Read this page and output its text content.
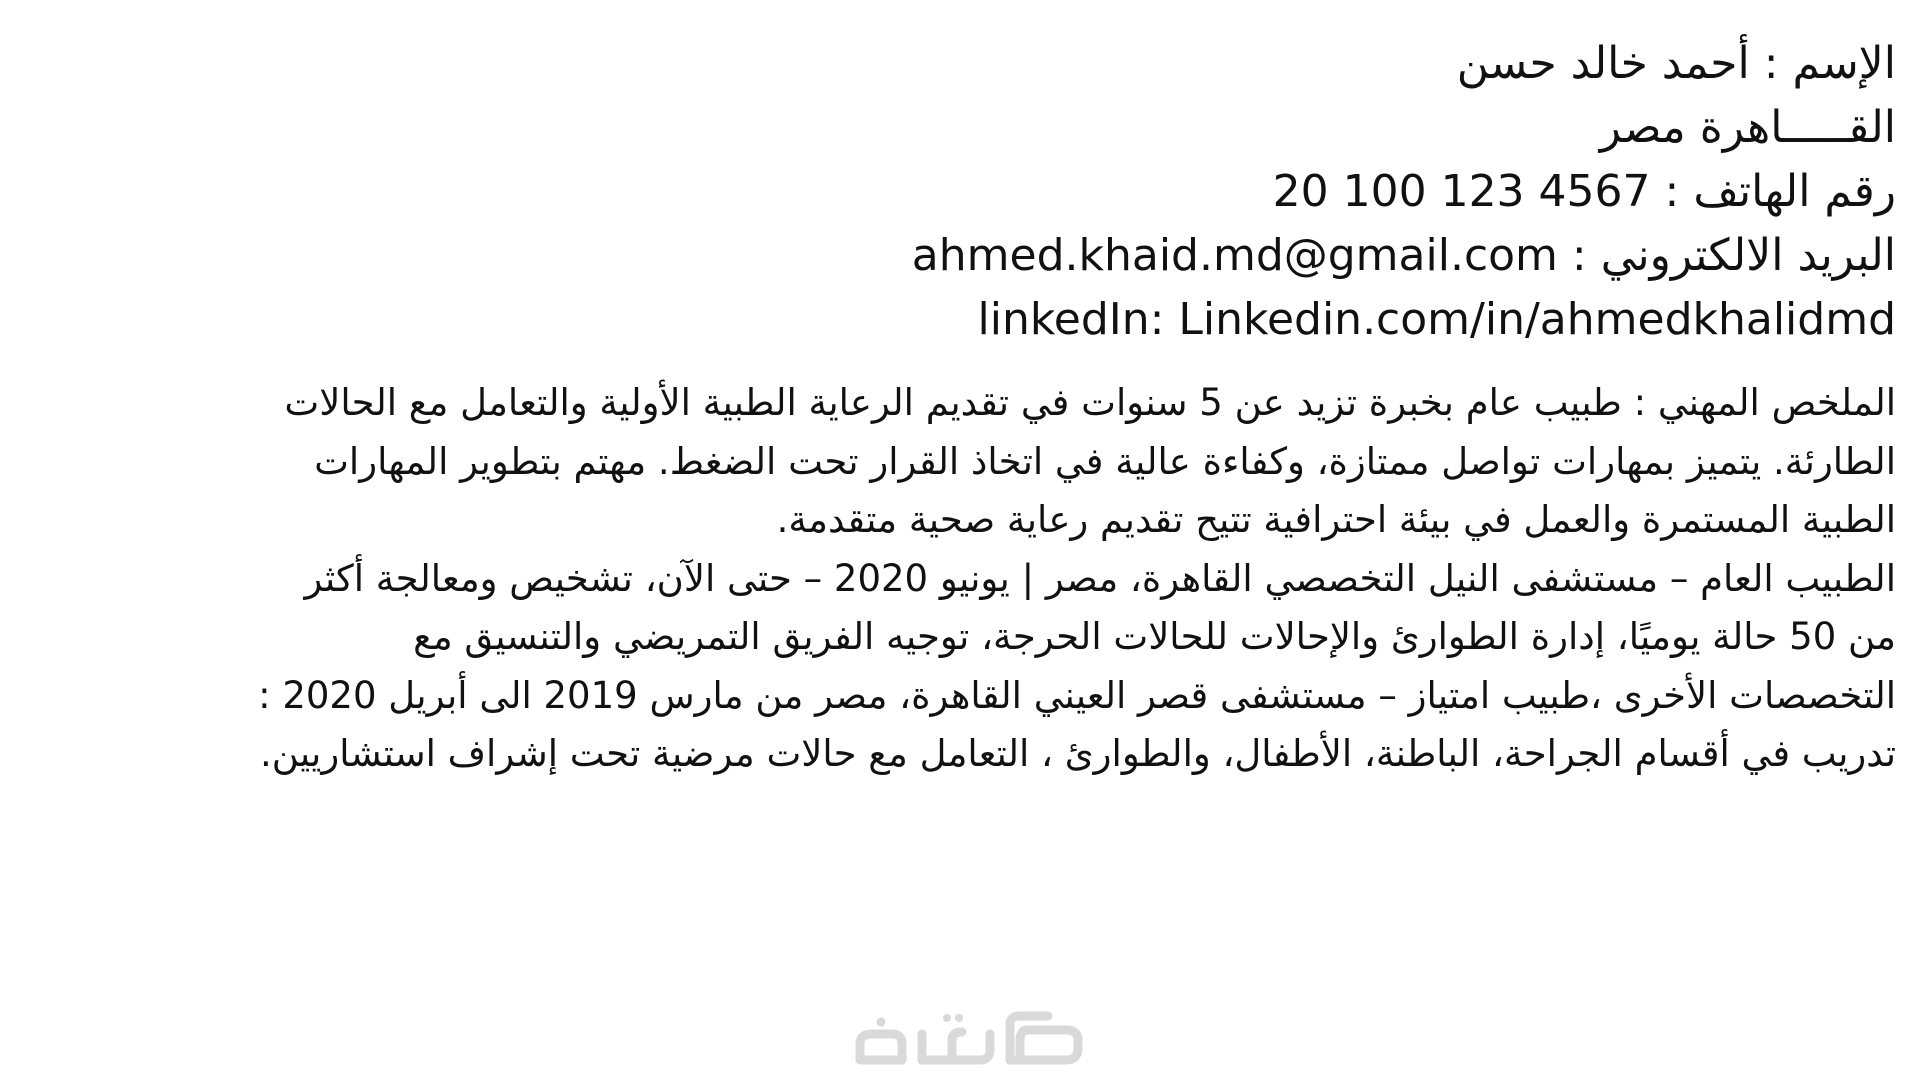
الإسم : أحمد خالد حسن
القـــــاهرة مصر
رقم الهاتف : 20 100 123 4567
البريد الالكتروني : ahmed.khaid.md@gmail.com
linkedIn: Linkedin.com/in/ahmedkhalidmd

الملخص المهني : طبيب عام بخبرة تزيد عن 5 سنوات في تقديم الرعاية الطبية الأولية والتعامل مع الحالات الطارئة. يتميز بمهارات تواصل ممتازة، وكفاءة عالية في اتخاذ القرار تحت الضغط. مهتم بتطوير المهارات الطبية المستمرة والعمل في بيئة احترافية تتيح تقديم رعاية صحية متقدمة.

الطبيب العام – مستشفى النيل التخصصي القاهرة، مصر | يونيو 2020 – حتى الآن، تشخيص ومعالجة أكثر من 50 حالة يوميًا، إدارة الطوارئ والإحالات للحالات الحرجة، توجيه الفريق التمريضي والتنسيق مع التخصصات الأخرى ،طبيب امتياز – مستشفى قصر العيني القاهرة، مصر من مارس 2019 الى أبريل 2020 : تدريب في أقسام الجراحة، الباطنة، الأطفال، والطوارئ ، التعامل مع حالات مرضية تحت إشراف استشاريين.
